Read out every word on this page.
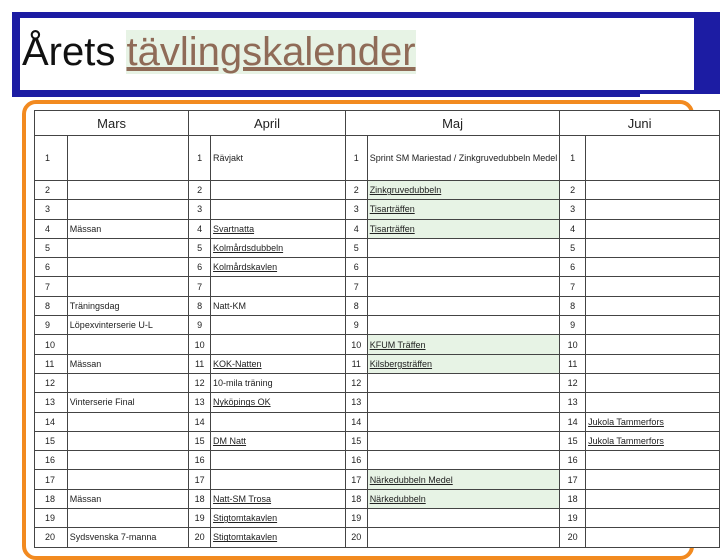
Årets tävlingskalender
Mars		April		Maj		Juni	
1		1	Rävjakt	1	Sprint SM Mariestad / Zinkgruvedubbeln Medel	1	
2		2		2	Zinkgruvedubbeln	2	
3		3		3	Tisarträffen	3	
4	Mässan	4	Svartnatta	4	Tisarträffen	4	
5		5	Kolmårdsdubbeln	5		5	
6		6	Kolmårdskavlen	6		6	
7		7		7		7	
8	Träningsdag	8	Natt-KM	8		8	
9	Löpexvinterserie U-L	9		9		9	
10		10		10	KFUM Träffen	10	
11	Mässan	11	KOK-Natten	11	Kilsbergsträffen	11	
12		12	10-mila träning	12		12	
13	Vinterserie Final	13	Nyköpings OK	13		13	
14		14		14		14	Jukola Tammerfors
15		15	DM Natt	15		15	Jukola Tammerfors
16		16		16		16	
17		17		17	Närkedubbeln Medel	17	
18	Mässan	18	Natt-SM Trosa	18	Närkedubbeln	18	
19		19	Stigtomtakavlen	19		19	
20	Sydsvenska 7-manna	20	Stigtomtakavlen	20		20	
